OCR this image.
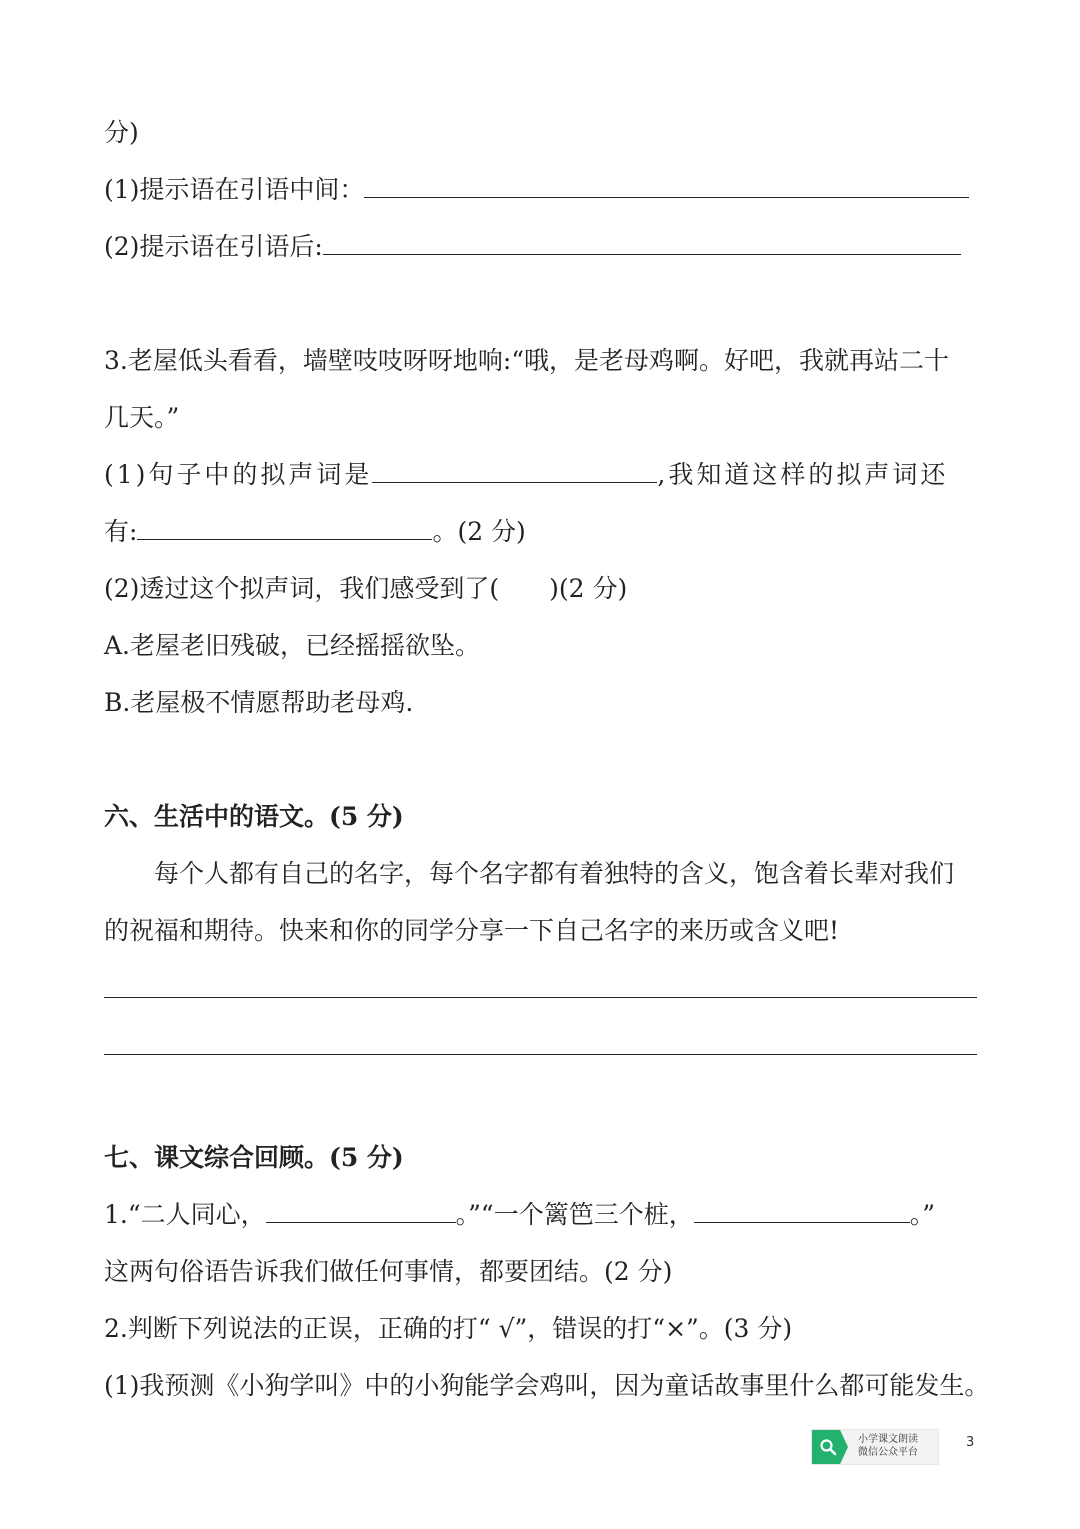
分)
(1)提示语在引语中间：
(2)提示语在引语后:
3.老屋低头看看，墙壁吱吱呀呀地响:“哦，是老母鸡啊。好吧，我就再站二十
几天。”
(1)句子中的拟声词是	,我知道这样的拟声词还
有:	。(2 分)
(2)透过这个拟声词，我们感受到了(　　)(2 分)
A.老屋老旧残破，已经摇摇欲坠。
B.老屋极不情愿帮助老母鸡.
六、生活中的语文。(5 分)
每个人都有自己的名字，每个名字都有着独特的含义，饱含着长辈对我们
的祝福和期待。快来和你的同学分享一下自己名字的来历或含义吧!
七、课文综合回顾。(5 分)
1.“二人同心，	。”“一个篱笆三个桩，	。”
这两句俗语告诉我们做任何事情，都要团结。(2 分)
2.判断下列说法的正误，正确的打“ √”，错误的打“×”。(3 分)
(1)我预测《小狗学叫》中的小狗能学会鸡叫，因为童话故事里什么都可能发生。
小学课文朗读
微信公众平台
3
